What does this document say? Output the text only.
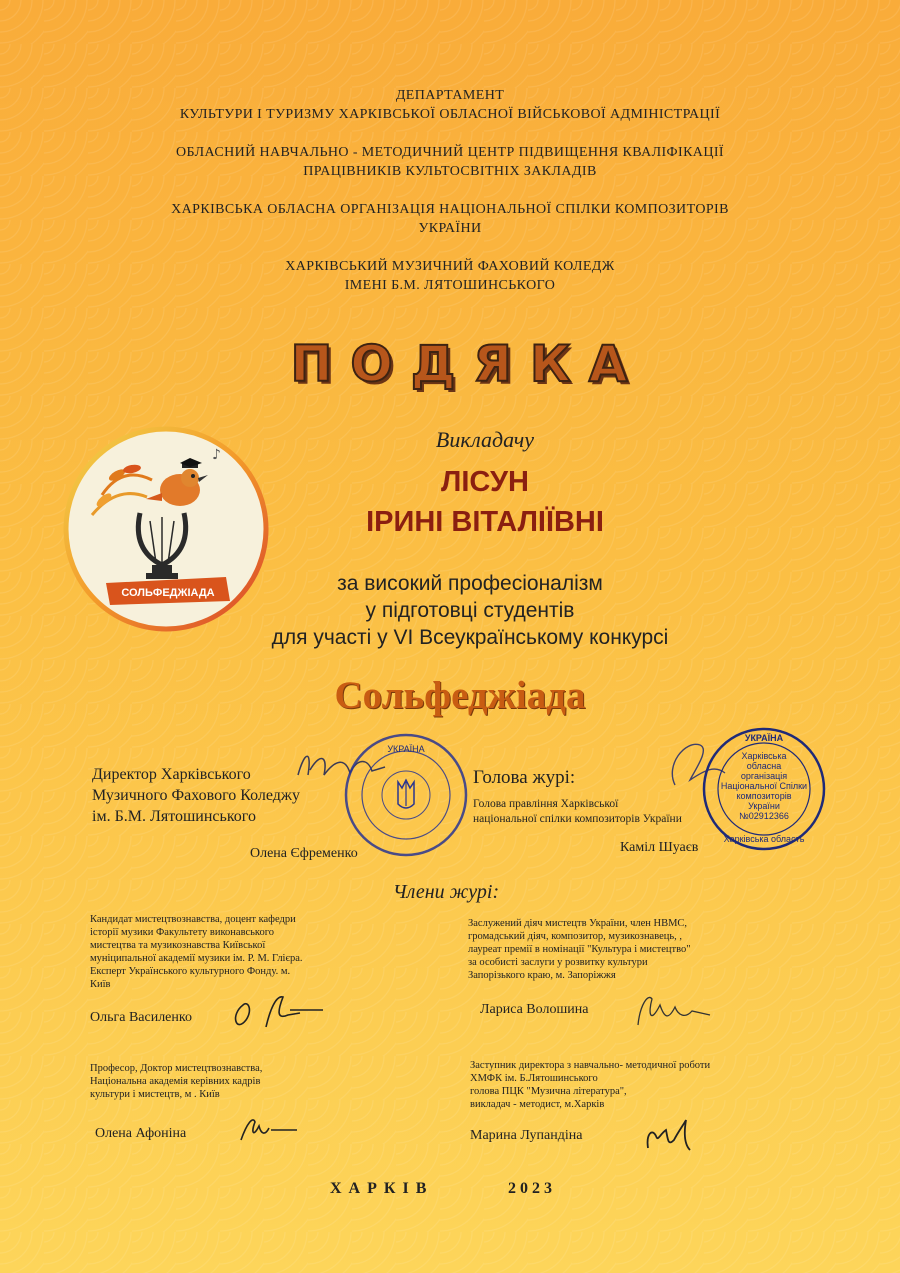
ДЕПАРТАМЕНТ
КУЛЬТУРИ І ТУРИЗМУ ХАРКІВСЬКОЇ ОБЛАСНОЇ ВІЙСЬКОВОЇ АДМІНІСТРАЦІЇ
ОБЛАСНИЙ НАВЧАЛЬНО - МЕТОДИЧНИЙ ЦЕНТР ПІДВИЩЕННЯ КВАЛІФІКАЦІЇ
ПРАЦІВНИКІВ КУЛЬТОСВІТНІХ ЗАКЛАДІВ
ХАРКІВСЬКА ОБЛАСНА ОРГАНІЗАЦІЯ НАЦІОНАЛЬНОЇ СПІЛКИ КОМПОЗИТОРІВ
УКРАЇНИ
ХАРКІВСЬКИЙ МУЗИЧНИЙ ФАХОВИЙ КОЛЕДЖ
ІМЕНІ Б.М. ЛЯТОШИНСЬКОГО
ПОДЯКА
♪
СОЛЬФЕДЖІАДА
Викладачу
ЛІСУН
ІРИНІ ВІТАЛІЇВНІ
за високий професіоналізм
у підготовці студентів
для участі у VI Всеукраїнському конкурсі
Сольфеджіада
Директор Харківського
Музичного Фахового Коледжу
ім. Б.М. Лятошинського
Олена Єфременко
УКРАЇНА
Голова журі:
Голова правління Харківської
національної спілки композиторів України
Каміл Шуаєв
УКРАЇНА
Харківська
обласна
організація
Національної Спілки
композиторів
України
№02912366
Харківська область
Члени журі:
Кандидат мистецтвознавства, доцент кафедри
історії музики Факультету виконавського
мистецтва та музикознавства Київської
муніципальної академії музики ім. Р. М. Глієра.
Експерт Українського культурного Фонду. м.
Київ
Ольга Василенко
Заслужений діяч мистецтв України, член НВМС,
громадський діяч, композитор, музикознавець, ,
лауреат премії в номінації "Культура і мистецтво"
за особисті заслуги у розвитку культури
Запорізького краю, м. Запоріжжя
Лариса Волошина
Професор, Доктор мистецтвознавства,
Національна академія керівних кадрів
культури і мистецтв, м . Київ
Олена Афоніна
Заступник директора з навчально- методичної роботи
ХМФК ім. Б.Лятошинського
голова ПЦК "Музична література",
викладач - методист, м.Харків
Марина Лупандіна
ХАРКІВ	2023
